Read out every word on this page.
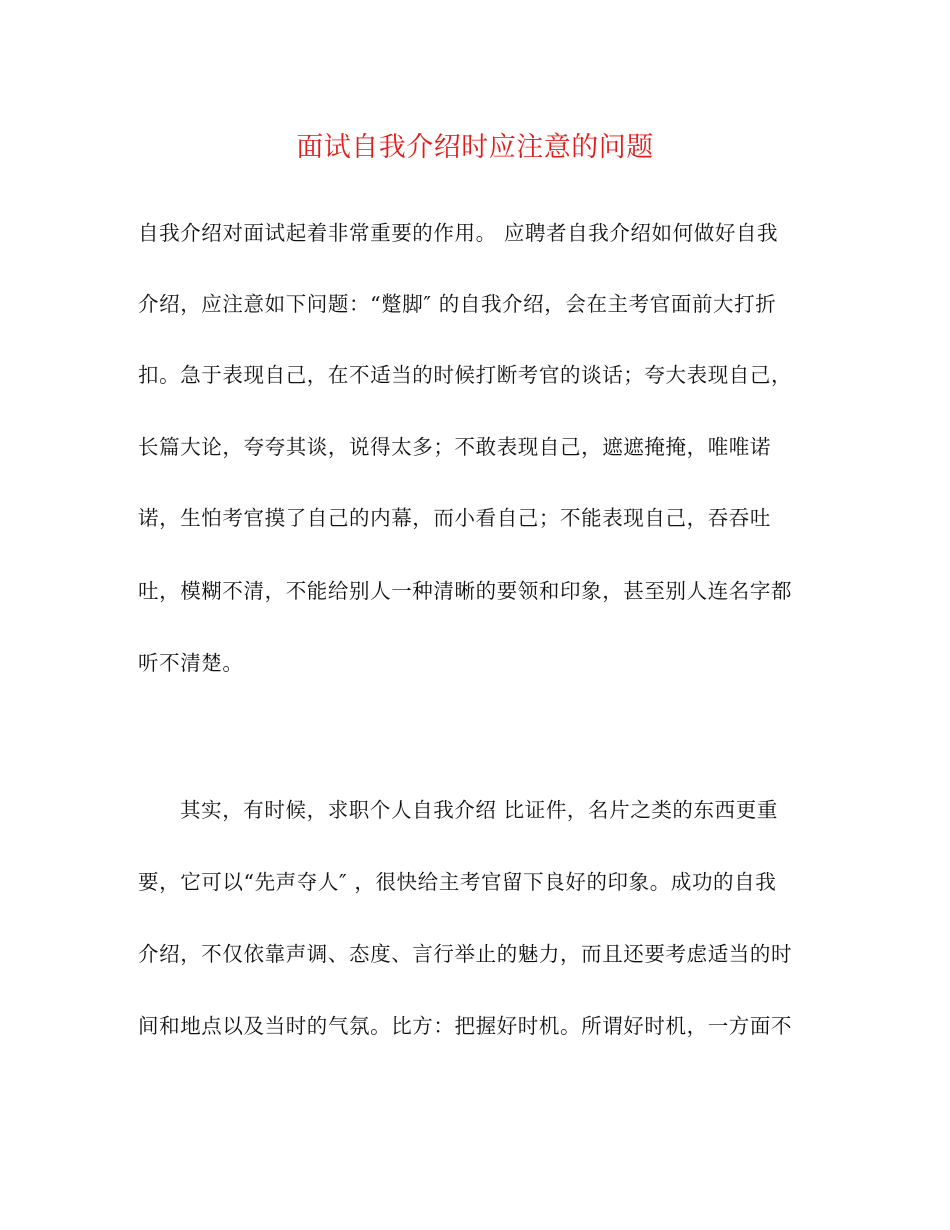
面试自我介绍时应注意的问题
自我介绍对面试起着非常重要的作用。 应聘者自我介绍如何做好自我
介绍，应注意如下问题：“蹩脚″ 的自我介绍，会在主考官面前大打折
扣。急于表现自己，在不适当的时候打断考官的谈话；夸大表现自己，
长篇大论，夸夸其谈，说得太多；不敢表现自己，遮遮掩掩，唯唯诺
诺，生怕考官摸了自己的内幕，而小看自己；不能表现自己，吞吞吐
吐，模糊不清，不能给别人一种清晰的要领和印象，甚至别人连名字都
听不清楚。
其实，有时候，求职个人自我介绍 比证件，名片之类的东西更重
要，它可以“先声夺人″ ，很快给主考官留下良好的印象。成功的自我
介绍，不仅依靠声调、态度、言行举止的魅力，而且还要考虑适当的时
间和地点以及当时的气氛。比方：把握好时机。所谓好时机，一方面不
